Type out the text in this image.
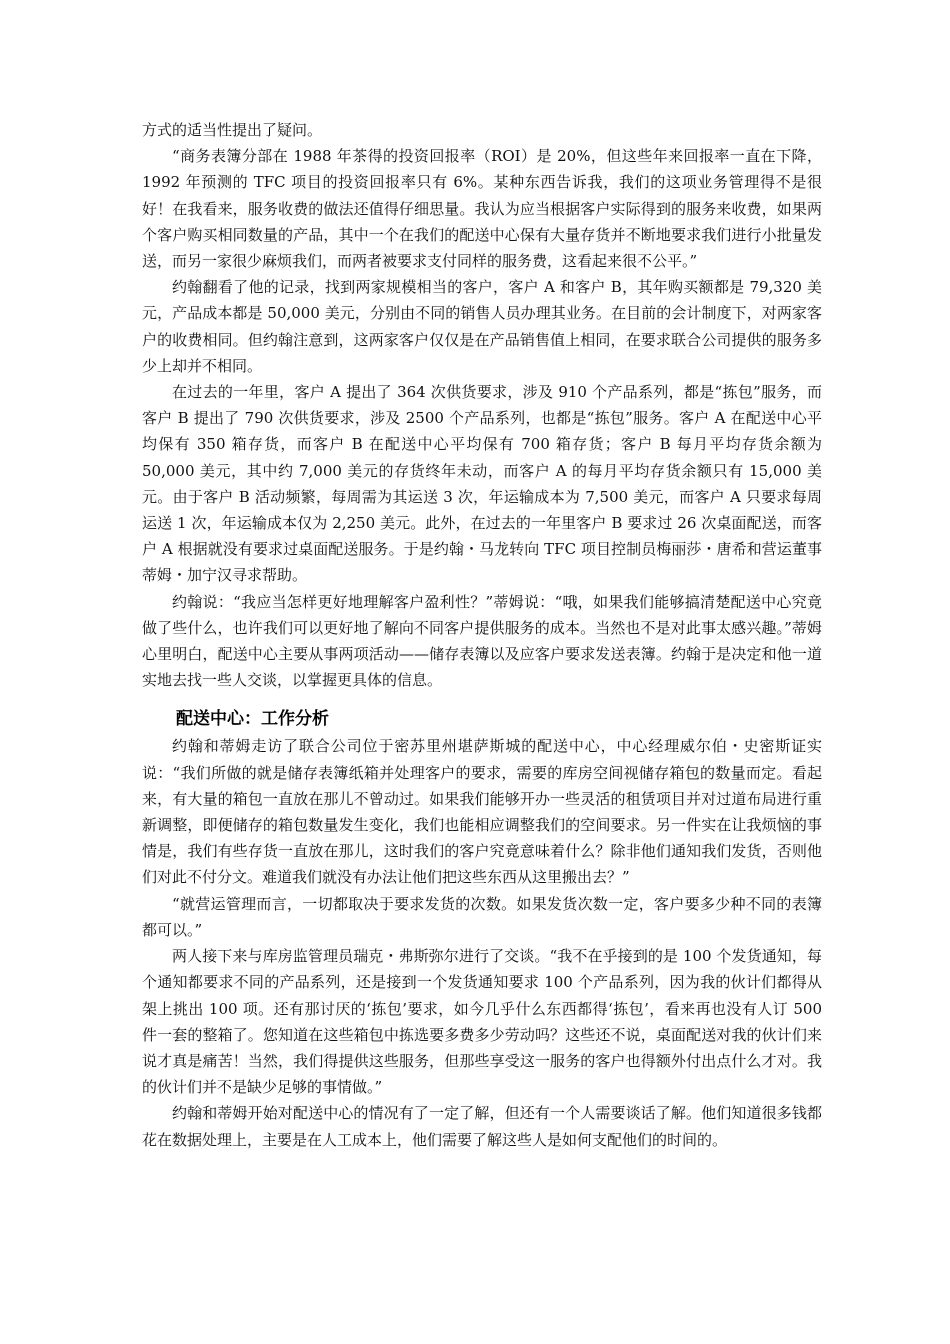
方式的适当性提出了疑问。

“商务表簿分部在 1988 年茶得的投资回报率（ROI）是 20%，但这些年来回报率一直在下降，1992 年预测的 TFC 项目的投资回报率只有 6%。某种东西告诉我，我们的这项业务管理得不是很好！在我看来，服务收费的做法还值得仔细思量。我认为应当根据客户实际得到的服务来收费，如果两个客户购买相同数量的产品，其中一个在我们的配送中心保有大量存货并不断地要求我们进行小批量发送，而另一家很少麻烦我们，而两者被要求支付同样的服务费，这看起来很不公平。”

约翰翻看了他的记录，找到两家规模相当的客户，客户 A 和客户 B，其年购买额都是 79,320 美元，产品成本都是 50,000 美元，分别由不同的销售人员办理其业务。在目前的会计制度下，对两家客户的收费相同。但约翰注意到，这两家客户仅仅是在产品销售值上相同，在要求联合公司提供的服务多少上却并不相同。

在过去的一年里，客户 A 提出了 364 次供货要求，涉及 910 个产品系列，都是“拣包”服务，而客户 B 提出了 790 次供货要求，涉及 2500 个产品系列，也都是“拣包”服务。客户 A 在配送中心平均保有 350 箱存货，而客户 B 在配送中心平均保有 700 箱存货；客户 B 每月平均存货余额为 50,000 美元，其中约 7,000 美元的存货终年未动，而客户 A 的每月平均存货余额只有 15,000 美元。由于客户 B 活动频繁，每周需为其运送 3 次，年运输成本为 7,500 美元，而客户 A 只要求每周运送 1 次，年运输成本仅为 2,250 美元。此外，在过去的一年里客户 B 要求过 26 次桌面配送，而客户 A 根据就没有要求过桌面配送服务。于是约翰・马龙转向 TFC 项目控制员梅丽莎・唐希和营运董事蒂姆・加宁汉寻求帮助。

约翰说：“我应当怎样更好地理解客户盈利性？”蒂姆说：“哦，如果我们能够搞清楚配送中心究竟做了些什么，也许我们可以更好地了解向不同客户提供服务的成本。当然也不是对此事太感兴趣。”蒂姆心里明白，配送中心主要从事两项活动——储存表簿以及应客户要求发送表簿。约翰于是决定和他一道实地去找一些人交谈，以掌握更具体的信息。

配送中心：工作分析

约翰和蒂姆走访了联合公司位于密苏里州堪萨斯城的配送中心，中心经理威尔伯・史密斯证实说：“我们所做的就是储存表簿纸箱并处理客户的要求，需要的库房空间视储存箱包的数量而定。看起来，有大量的箱包一直放在那儿不曾动过。如果我们能够开办一些灵活的租赁项目并对过道布局进行重新调整，即便储存的箱包数量发生变化，我们也能相应调整我们的空间要求。另一件实在让我烦恼的事情是，我们有些存货一直放在那儿，这时我们的客户究竟意味着什么？除非他们通知我们发货，否则他们对此不付分文。难道我们就没有办法让他们把这些东西从这里搬出去？”

“就营运管理而言，一切都取决于要求发货的次数。如果发货次数一定，客户要多少种不同的表簿都可以。”

两人接下来与库房监管理员瑞克・弗斯弥尔进行了交谈。“我不在乎接到的是 100 个发货通知，每个通知都要求不同的产品系列，还是接到一个发货通知要求 100 个产品系列，因为我的伙计们都得从架上挑出 100 项。还有那讨厌的‘拣包’要求，如今几乎什么东西都得‘拣包’，看来再也没有人订 500 件一套的整箱了。您知道在这些箱包中拣选要多费多少劳动吗？这些还不说，桌面配送对我的伙计们来说才真是痛苦！当然，我们得提供这些服务，但那些享受这一服务的客户也得额外付出点什么才对。我的伙计们并不是缺少足够的事情做。”

约翰和蒂姆开始对配送中心的情况有了一定了解，但还有一个人需要谈话了解。他们知道很多钱都花在数据处理上，主要是在人工成本上，他们需要了解这些人是如何支配他们的时间的。
